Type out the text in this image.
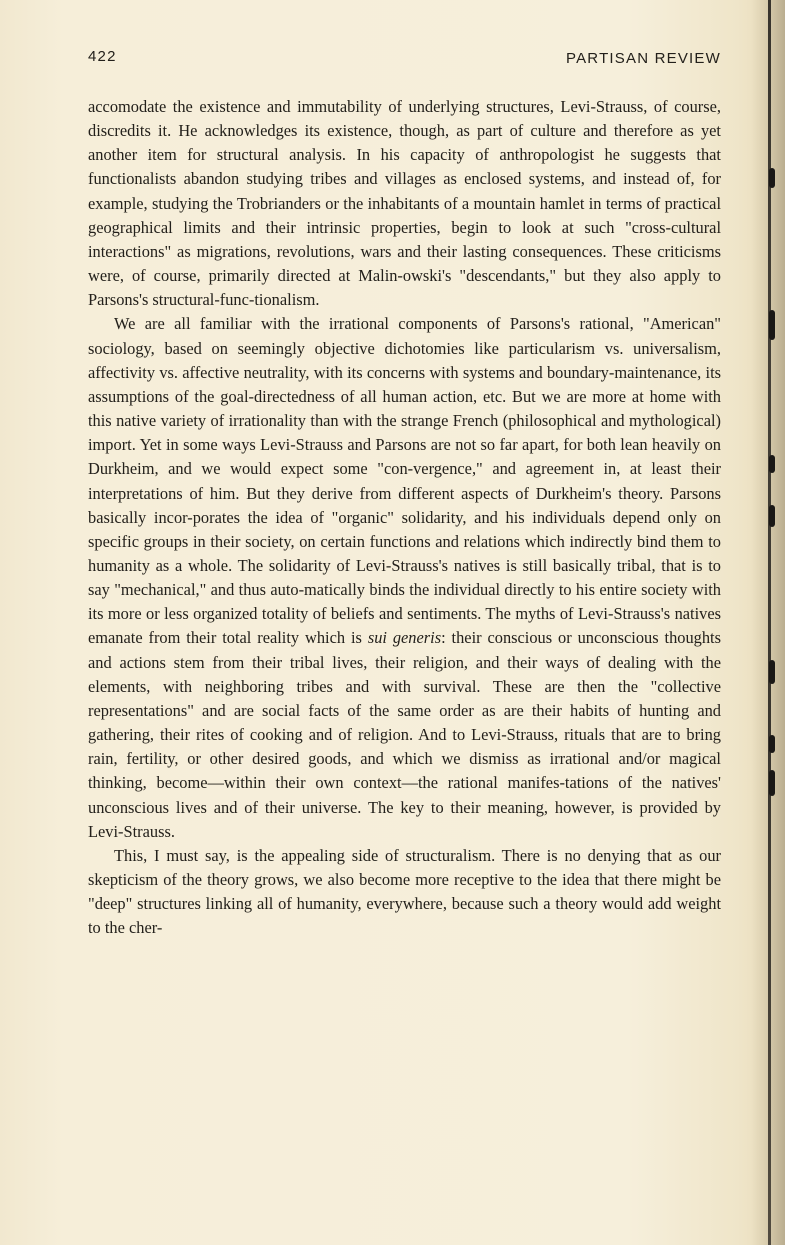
422	PARTISAN REVIEW

accomodate the existence and immutability of underlying structures, Levi-Strauss, of course, discredits it. He acknowledges its existence, though, as part of culture and therefore as yet another item for structural analysis. In his capacity of anthropologist he suggests that functionalists abandon studying tribes and villages as enclosed systems, and instead of, for example, studying the Trobrianders or the inhabitants of a mountain hamlet in terms of practical geographical limits and their intrinsic properties, begin to look at such "cross-cultural interactions" as migrations, revolutions, wars and their lasting consequences. These criticisms were, of course, primarily directed at Malin-owski's "descendants," but they also apply to Parsons's structural-func-tionalism.

We are all familiar with the irrational components of Parsons's rational, "American" sociology, based on seemingly objective dichotomies like particularism vs. universalism, affectivity vs. affective neutrality, with its concerns with systems and boundary-maintenance, its assumptions of the goal-directedness of all human action, etc. But we are more at home with this native variety of irrationality than with the strange French (philosophical and mythological) import. Yet in some ways Levi-Strauss and Parsons are not so far apart, for both lean heavily on Durkheim, and we would expect some "con-vergence," and agreement in, at least their interpretations of him. But they derive from different aspects of Durkheim's theory. Parsons basically incor-porates the idea of "organic" solidarity, and his individuals depend only on specific groups in their society, on certain functions and relations which indirectly bind them to humanity as a whole. The solidarity of Levi-Strauss's natives is still basically tribal, that is to say "mechanical," and thus auto-matically binds the individual directly to his entire society with its more or less organized totality of beliefs and sentiments. The myths of Levi-Strauss's natives emanate from their total reality which is sui generis: their conscious or unconscious thoughts and actions stem from their tribal lives, their religion, and their ways of dealing with the elements, with neighboring tribes and with survival. These are then the "collective representations" and are social facts of the same order as are their habits of hunting and gathering, their rites of cooking and of religion. And to Levi-Strauss, rituals that are to bring rain, fertility, or other desired goods, and which we dismiss as irrational and/or magical thinking, become—within their own context—the rational manifes-tations of the natives' unconscious lives and of their universe. The key to their meaning, however, is provided by Levi-Strauss.

This, I must say, is the appealing side of structuralism. There is no denying that as our skepticism of the theory grows, we also become more receptive to the idea that there might be "deep" structures linking all of humanity, everywhere, because such a theory would add weight to the cher-
